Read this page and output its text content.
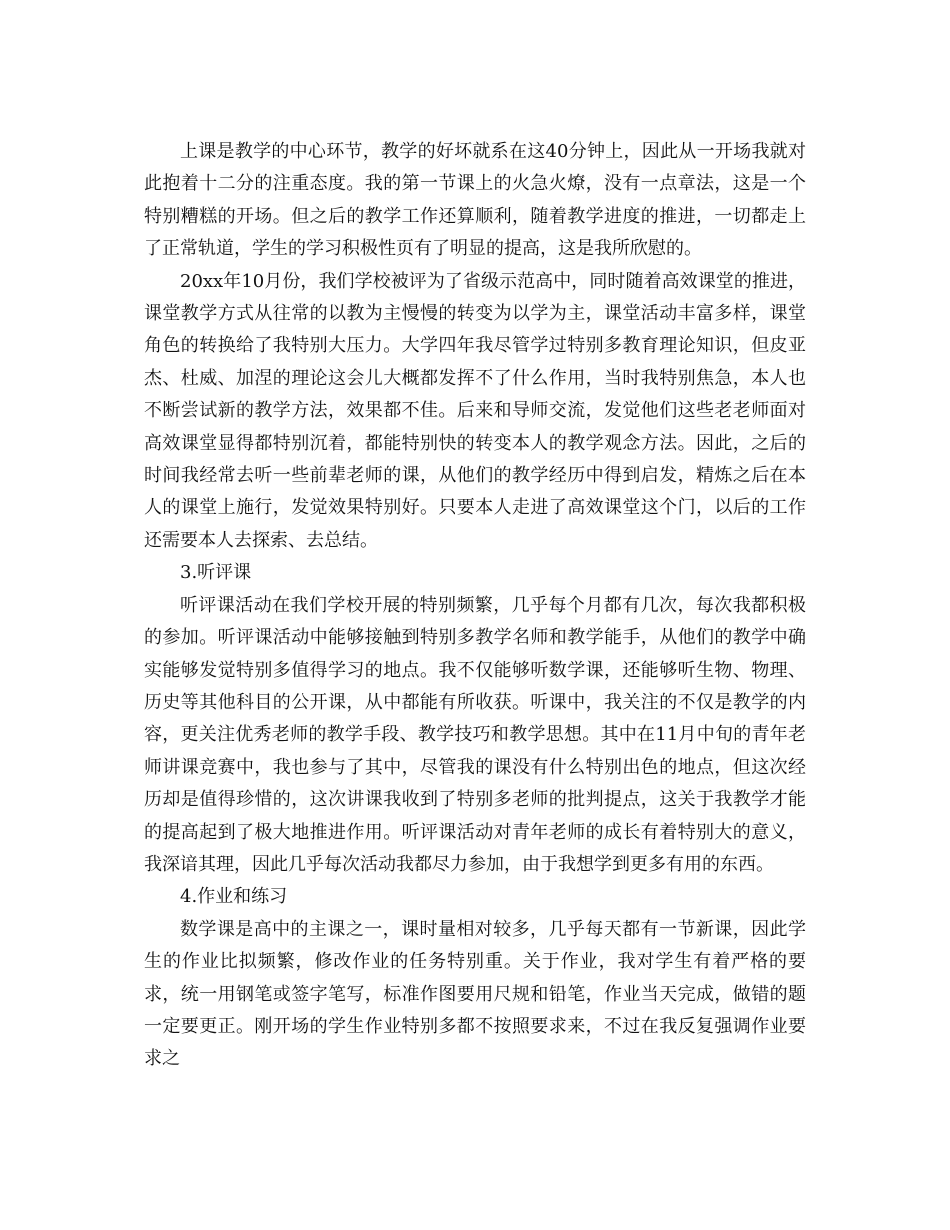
上课是教学的中心环节，教学的好坏就系在这40分钟上，因此从一开场我就对此抱着十二分的注重态度。我的第一节课上的火急火燎，没有一点章法，这是一个特别糟糕的开场。但之后的教学工作还算顺利，随着教学进度的推进，一切都走上了正常轨道，学生的学习积极性页有了明显的提高，这是我所欣慰的。

20xx年10月份，我们学校被评为了省级示范高中，同时随着高效课堂的推进，课堂教学方式从往常的以教为主慢慢的转变为以学为主，课堂活动丰富多样，课堂角色的转换给了我特别大压力。大学四年我尽管学过特别多教育理论知识，但皮亚杰、杜威、加涅的理论这会儿大概都发挥不了什么作用，当时我特别焦急，本人也不断尝试新的教学方法，效果都不佳。后来和导师交流，发觉他们这些老老师面对高效课堂显得都特别沉着，都能特别快的转变本人的教学观念方法。因此，之后的时间我经常去听一些前辈老师的课，从他们的教学经历中得到启发，精炼之后在本人的课堂上施行，发觉效果特别好。只要本人走进了高效课堂这个门，以后的工作还需要本人去探索、去总结。

3.听评课

听评课活动在我们学校开展的特别频繁，几乎每个月都有几次，每次我都积极的参加。听评课活动中能够接触到特别多教学名师和教学能手，从他们的教学中确实能够发觉特别多值得学习的地点。我不仅能够听数学课，还能够听生物、物理、历史等其他科目的公开课，从中都能有所收获。听课中，我关注的不仅是教学的内容，更关注优秀老师的教学手段、教学技巧和教学思想。其中在11月中旬的青年老师讲课竞赛中，我也参与了其中，尽管我的课没有什么特别出色的地点，但这次经历却是值得珍惜的，这次讲课我收到了特别多老师的批判提点，这关于我教学才能的提高起到了极大地推进作用。听评课活动对青年老师的成长有着特别大的意义，我深谙其理，因此几乎每次活动我都尽力参加，由于我想学到更多有用的东西。

4.作业和练习

数学课是高中的主课之一，课时量相对较多，几乎每天都有一节新课，因此学生的作业比拟频繁，修改作业的任务特别重。关于作业，我对学生有着严格的要求，统一用钢笔或签字笔写，标准作图要用尺规和铅笔，作业当天完成，做错的题一定要更正。刚开场的学生作业特别多都不按照要求来，不过在我反复强调作业要求之
